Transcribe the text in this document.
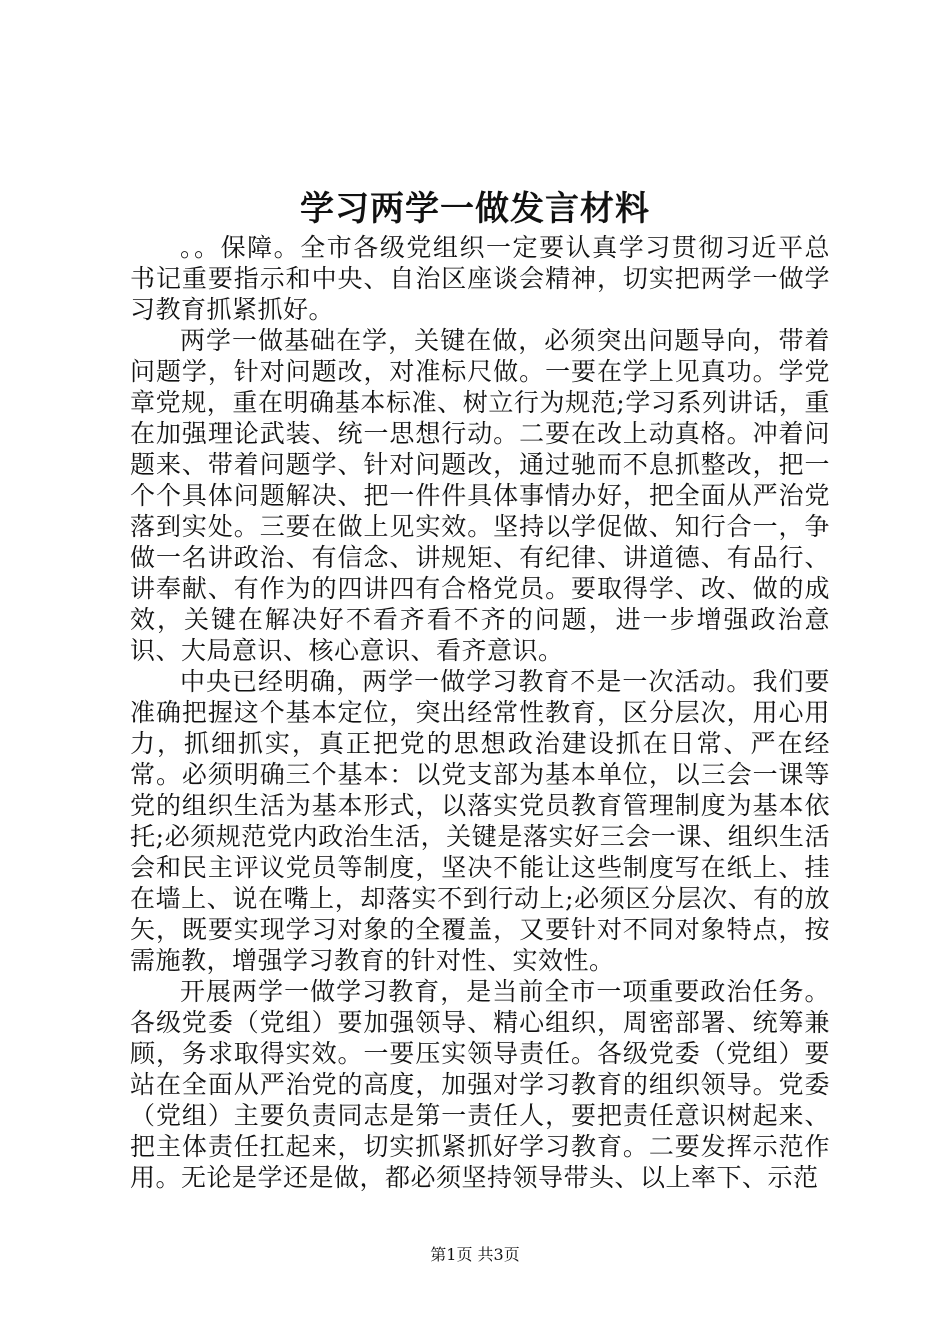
学习两学一做发言材料

。。保障。全市各级党组织一定要认真学习贯彻习近平总书记重要指示和中央、自治区座谈会精神，切实把两学一做学习教育抓紧抓好。

两学一做基础在学，关键在做，必须突出问题导向，带着问题学，针对问题改，对准标尺做。一要在学上见真功。学党章党规，重在明确基本标准、树立行为规范;学习系列讲话，重在加强理论武装、统一思想行动。二要在改上动真格。冲着问题来、带着问题学、针对问题改，通过驰而不息抓整改，把一个个具体问题解决、把一件件具体事情办好，把全面从严治党落到实处。三要在做上见实效。坚持以学促做、知行合一，争做一名讲政治、有信念、讲规矩、有纪律、讲道德、有品行、讲奉献、有作为的四讲四有合格党员。要取得学、改、做的成效，关键在解决好不看齐看不齐的问题，进一步增强政治意识、大局意识、核心意识、看齐意识。

中央已经明确，两学一做学习教育不是一次活动。我们要准确把握这个基本定位，突出经常性教育，区分层次，用心用力，抓细抓实，真正把党的思想政治建设抓在日常、严在经常。必须明确三个基本：以党支部为基本单位，以三会一课等党的组织生活为基本形式，以落实党员教育管理制度为基本依托;必须规范党内政治生活，关键是落实好三会一课、组织生活会和民主评议党员等制度，坚决不能让这些制度写在纸上、挂在墙上、说在嘴上，却落实不到行动上;必须区分层次、有的放矢，既要实现学习对象的全覆盖，又要针对不同对象特点，按需施教，增强学习教育的针对性、实效性。

开展两学一做学习教育，是当前全市一项重要政治任务。各级党委（党组）要加强领导、精心组织，周密部署、统筹兼顾，务求取得实效。一要压实领导责任。各级党委（党组）要站在全面从严治党的高度，加强对学习教育的组织领导。党委（党组）主要负责同志是第一责任人，要把责任意识树起来、把主体责任扛起来，切实抓紧抓好学习教育。二要发挥示范作用。无论是学还是做，都必须坚持领导带头、以上率下、示范

第1页 共3页
